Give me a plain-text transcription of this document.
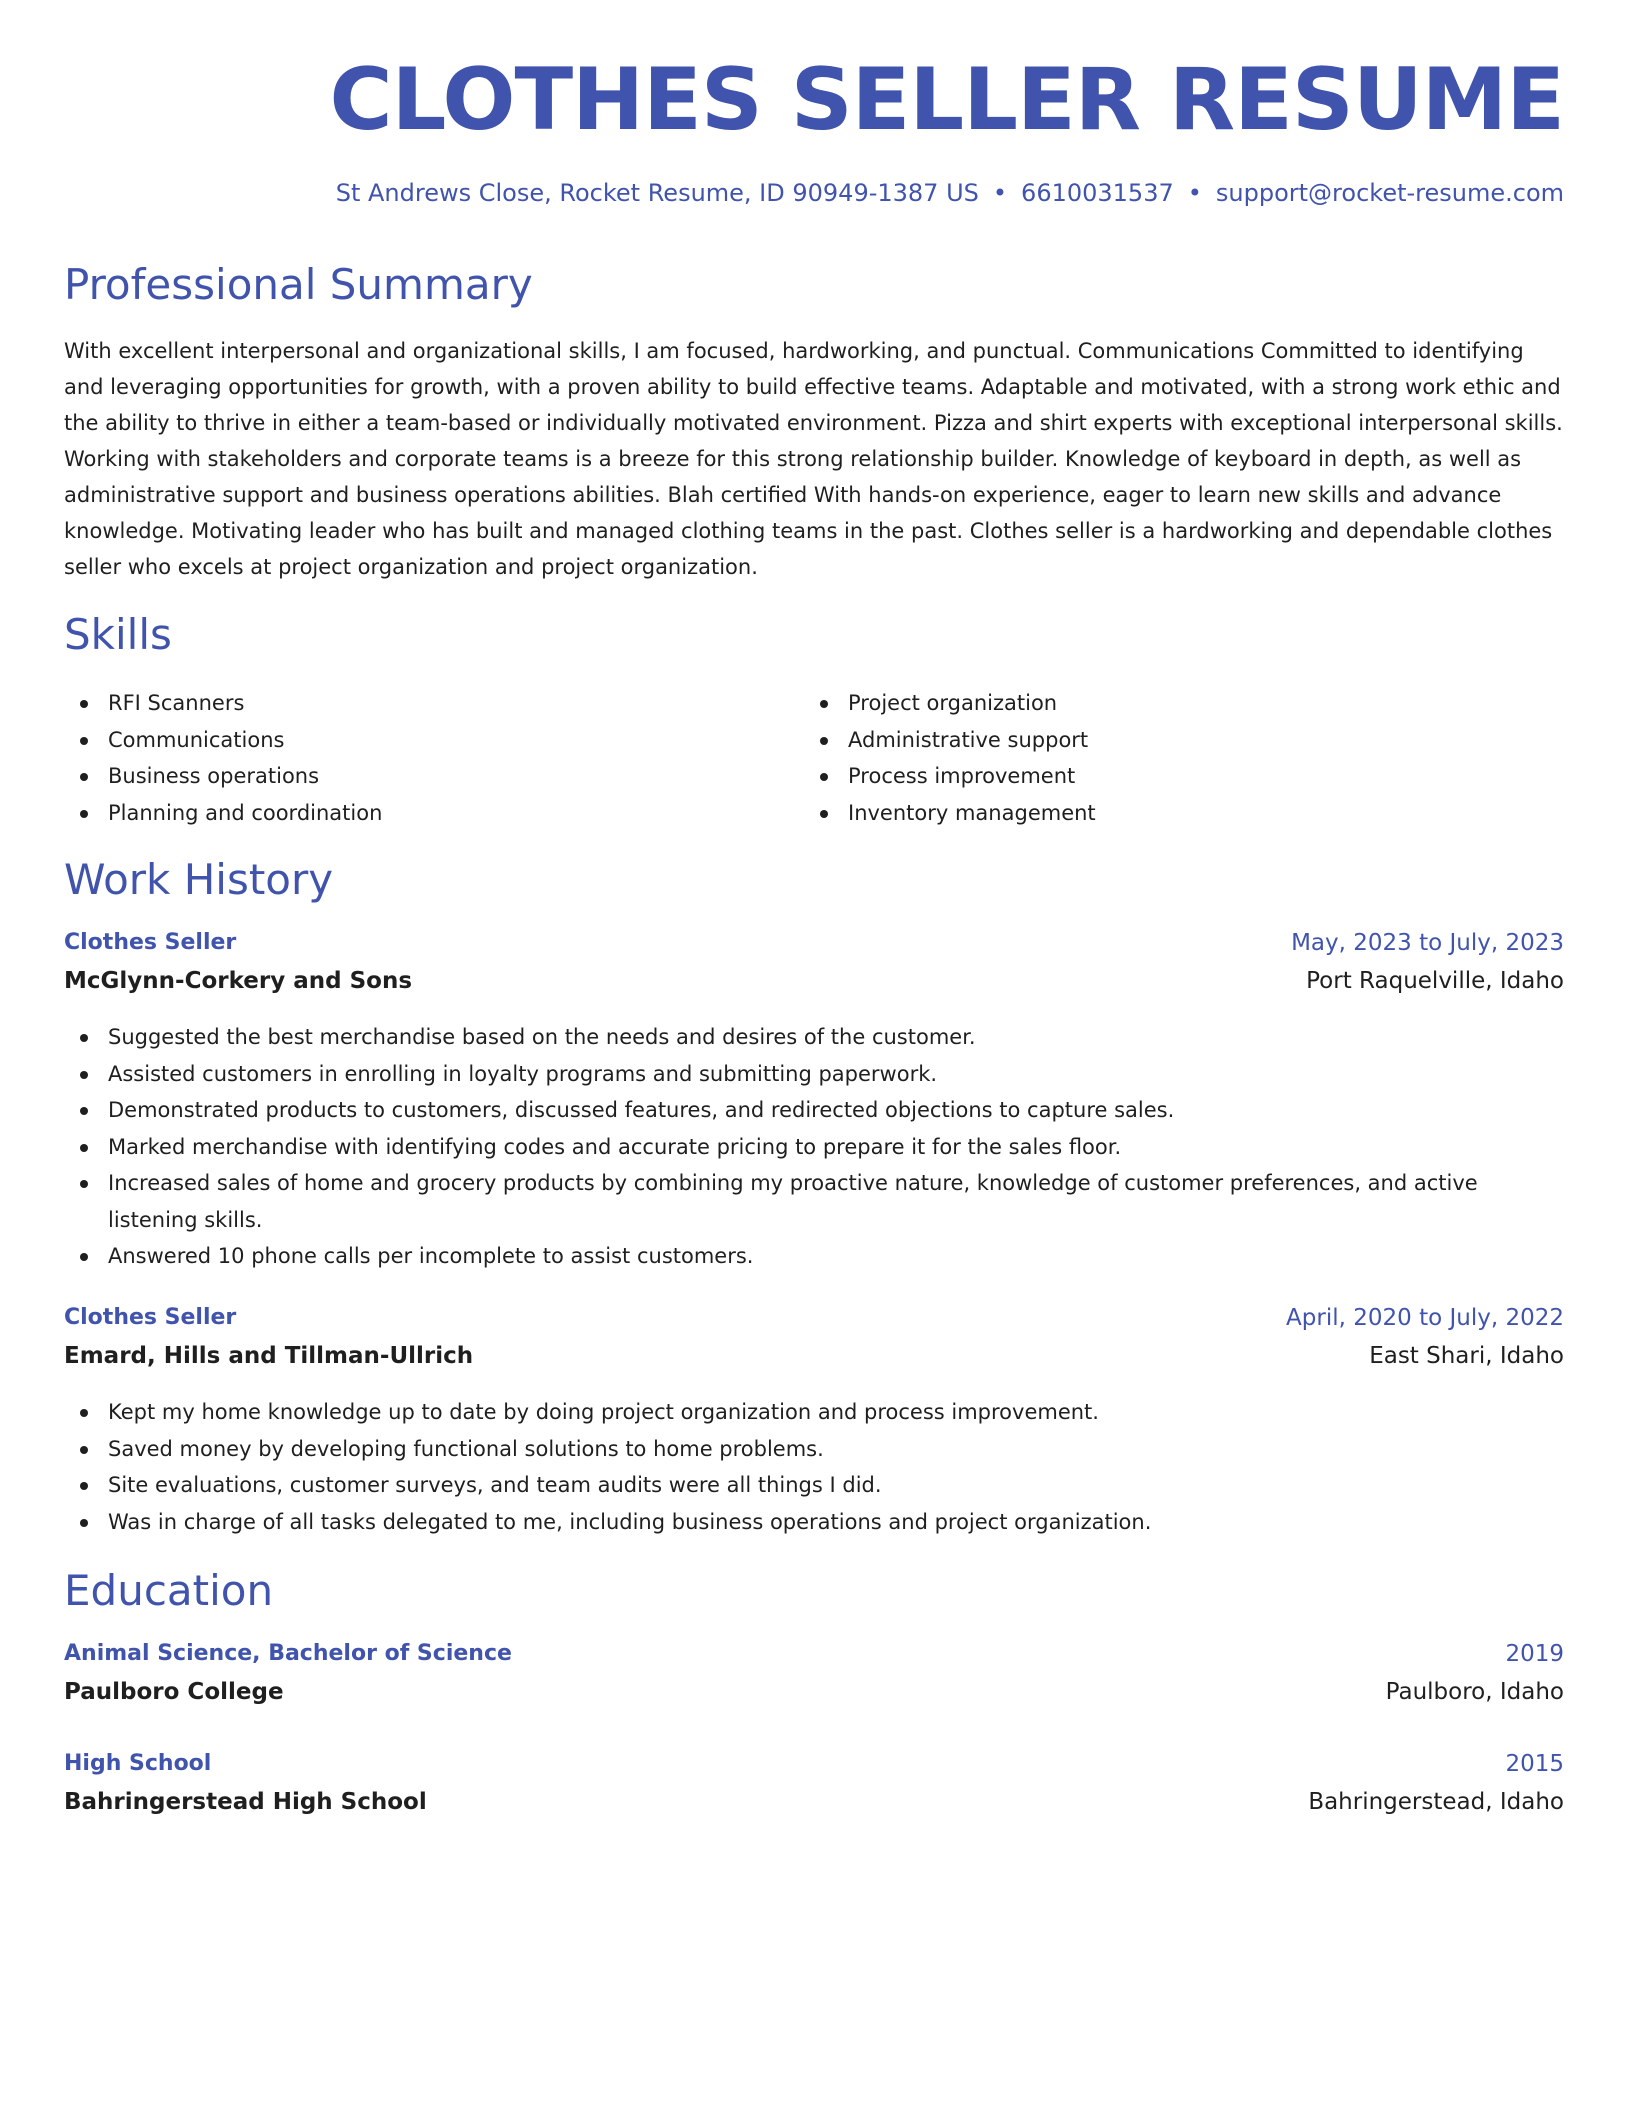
CLOTHES SELLER RESUME
St Andrews Close, Rocket Resume, ID 90949-1387 US • 6610031537 • support@rocket-resume.com
Professional Summary

With excellent interpersonal and organizational skills, I am focused, hardworking, and punctual. Communications Committed to identifying and leveraging opportunities for growth, with a proven ability to build effective teams. Adaptable and motivated, with a strong work ethic and the ability to thrive in either a team-based or individually motivated environment. Pizza and shirt experts with exceptional interpersonal skills. Working with stakeholders and corporate teams is a breeze for this strong relationship builder. Knowledge of keyboard in depth, as well as administrative support and business operations abilities. Blah certified With hands-on experience, eager to learn new skills and advance knowledge. Motivating leader who has built and managed clothing teams in the past. Clothes seller is a hardworking and dependable clothes seller who excels at project organization and project organization.

Skills
RFI Scanners
Communications
Business operations
Planning and coordination
Project organization
Administrative support
Process improvement
Inventory management
Work History
Clothes Seller	May, 2023 to July, 2023
McGlynn-Corkery and Sons	Port Raquelville, Idaho
Suggested the best merchandise based on the needs and desires of the customer.
Assisted customers in enrolling in loyalty programs and submitting paperwork.
Demonstrated products to customers, discussed features, and redirected objections to capture sales.
Marked merchandise with identifying codes and accurate pricing to prepare it for the sales floor.
Increased sales of home and grocery products by combining my proactive nature, knowledge of customer preferences, and active listening skills.
Answered 10 phone calls per incomplete to assist customers.
Clothes Seller	April, 2020 to July, 2022
Emard, Hills and Tillman-Ullrich	East Shari, Idaho
Kept my home knowledge up to date by doing project organization and process improvement.
Saved money by developing functional solutions to home problems.
Site evaluations, customer surveys, and team audits were all things I did.
Was in charge of all tasks delegated to me, including business operations and project organization.
Education
Animal Science, Bachelor of Science	2019
Paulboro College	Paulboro, Idaho
High School	2015
Bahringerstead High School	Bahringerstead, Idaho
